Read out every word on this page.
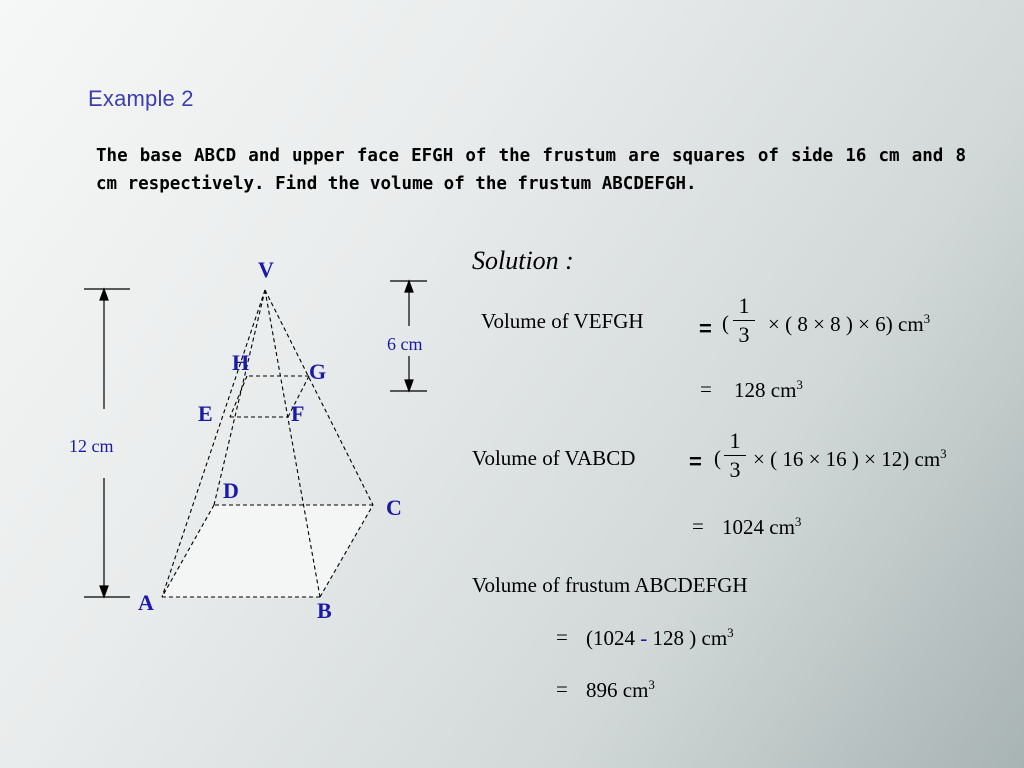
Example 2
The base ABCD and upper face EFGH of the frustum are squares of side 16 cm and 8 cm respectively. Find the volume of the frustum ABCDEFGH.
12 cm
6 cm
V
H	G
E	F
D
C
A	B
Solution :
Volume of VEFGH	= (
1
3 × ( 8 × 8 ) × 6) $cm^3$
= 128 $cm^3$
Volume of VABCD = (
1
3 × ( 16 × 16 ) × 12) $cm^3$
= 1024 $cm^3$
Volume of frustum ABCDEFGH
= (1024 - 128 ) $cm^3$
= 896 $cm^3$
